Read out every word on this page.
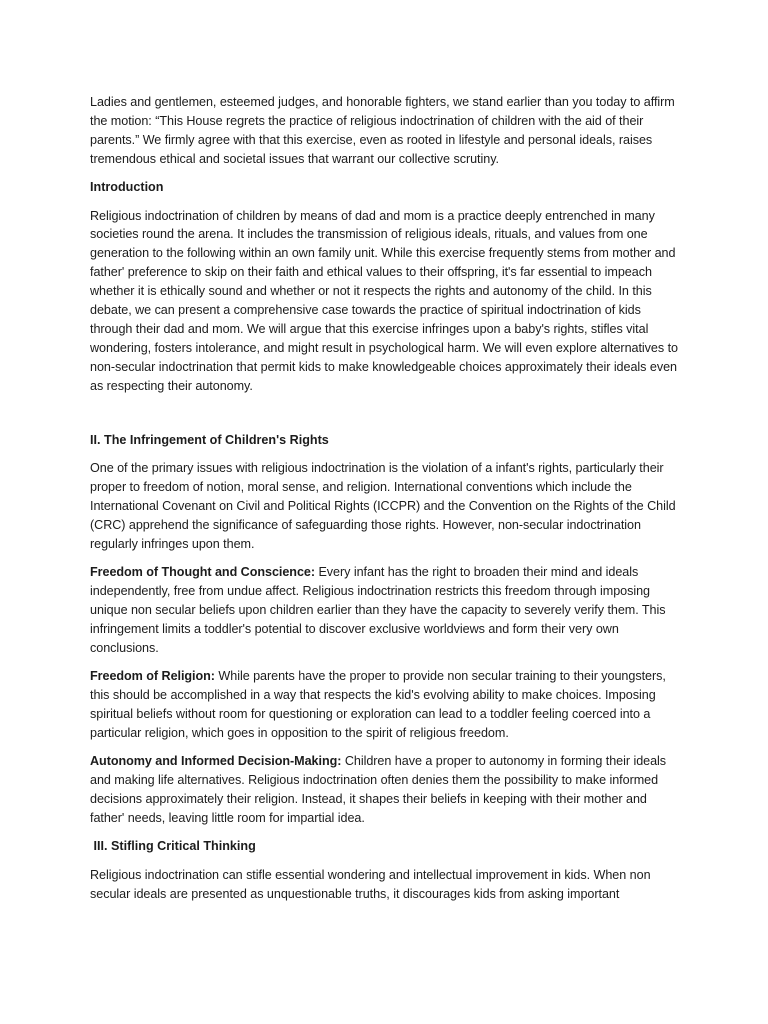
Ladies and gentlemen, esteemed judges, and honorable fighters, we stand earlier than you today to affirm the motion: “This House regrets the practice of religious indoctrination of children with the aid of their parents.” We firmly agree with that this exercise, even as rooted in lifestyle and personal ideals, raises tremendous ethical and societal issues that warrant our collective scrutiny.

Introduction

Religious indoctrination of children by means of dad and mom is a practice deeply entrenched in many societies round the arena. It includes the transmission of religious ideals, rituals, and values from one generation to the following within an own family unit. While this exercise frequently stems from mother and father' preference to skip on their faith and ethical values to their offspring, it's far essential to impeach whether it is ethically sound and whether or not it respects the rights and autonomy of the child. In this debate, we can present a comprehensive case towards the practice of spiritual indoctrination of kids through their dad and mom. We will argue that this exercise infringes upon a baby's rights, stifles vital wondering, fosters intolerance, and might result in psychological harm. We will even explore alternatives to non-secular indoctrination that permit kids to make knowledgeable choices approximately their ideals even as respecting their autonomy.

II. The Infringement of Children's Rights

One of the primary issues with religious indoctrination is the violation of a infant's rights, particularly their proper to freedom of notion, moral sense, and religion. International conventions which include the International Covenant on Civil and Political Rights (ICCPR) and the Convention on the Rights of the Child (CRC) apprehend the significance of safeguarding those rights. However, non-secular indoctrination regularly infringes upon them.

Freedom of Thought and Conscience: Every infant has the right to broaden their mind and ideals independently, free from undue affect. Religious indoctrination restricts this freedom through imposing unique non secular beliefs upon children earlier than they have the capacity to severely verify them. This infringement limits a toddler's potential to discover exclusive worldviews and form their very own conclusions.

Freedom of Religion: While parents have the proper to provide non secular training to their youngsters, this should be accomplished in a way that respects the kid's evolving ability to make choices. Imposing spiritual beliefs without room for questioning or exploration can lead to a toddler feeling coerced into a particular religion, which goes in opposition to the spirit of religious freedom.

Autonomy and Informed Decision-Making: Children have a proper to autonomy in forming their ideals and making life alternatives. Religious indoctrination often denies them the possibility to make informed decisions approximately their religion. Instead, it shapes their beliefs in keeping with their mother and father' needs, leaving little room for impartial idea.

III. Stifling Critical Thinking

Religious indoctrination can stifle essential wondering and intellectual improvement in kids. When non secular ideals are presented as unquestionable truths, it discourages kids from asking important
